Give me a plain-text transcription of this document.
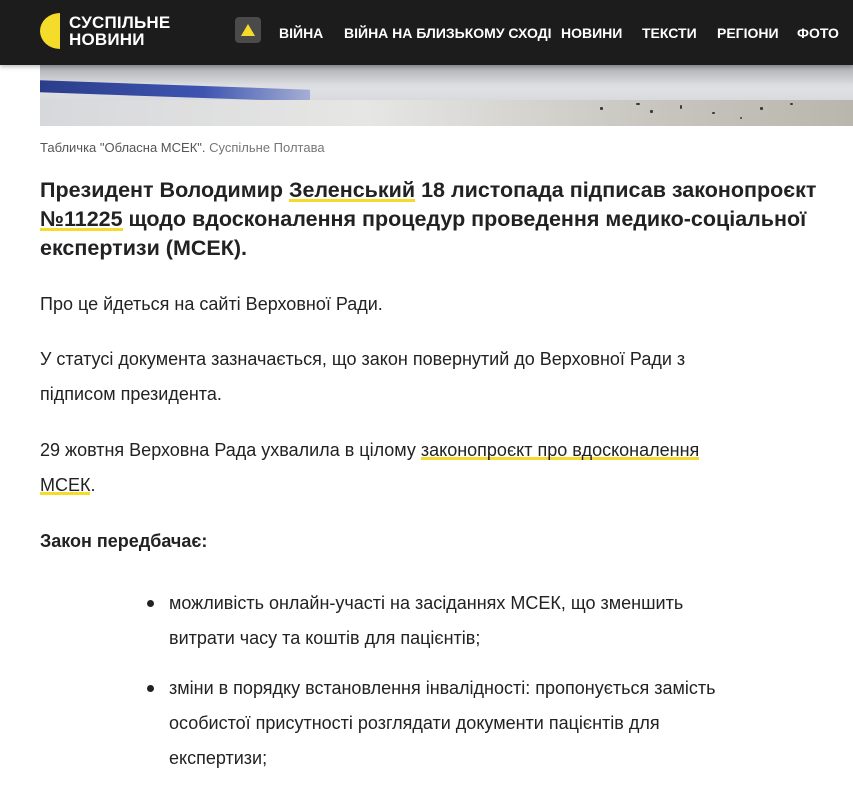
СУСПІЛЬНЕ
НОВИНИ	ВІЙНА ВІЙНА НА БЛИЗЬКОМУ СХОДІ НОВИНИ ТЕКСТИ РЕГІОНИ ФОТО
Табличка "Обласна МСЕК". Суспільне Полтава
Президент Володимир Зеленський 18 листопада підписав законопроєкт №11225 щодо вдосконалення процедур проведення медико-соціальної експертизи (МСЕК).
Про це йдеться на сайті Верховної Ради.
У статусі документа зазначається, що закон повернутий до Верховної Ради з
підписом президента.
29 жовтня Верховна Рада ухвалила в цілому законопроєкт про вдосконалення
МСЕК.
Закон передбачає:
можливість онлайн-участі на засіданнях МСЕК, що зменшить
витрати часу та коштів для пацієнтів;
зміни в порядку встановлення інвалідності: пропонується замість
особистої присутності розглядати документи пацієнтів для
експертизи;
